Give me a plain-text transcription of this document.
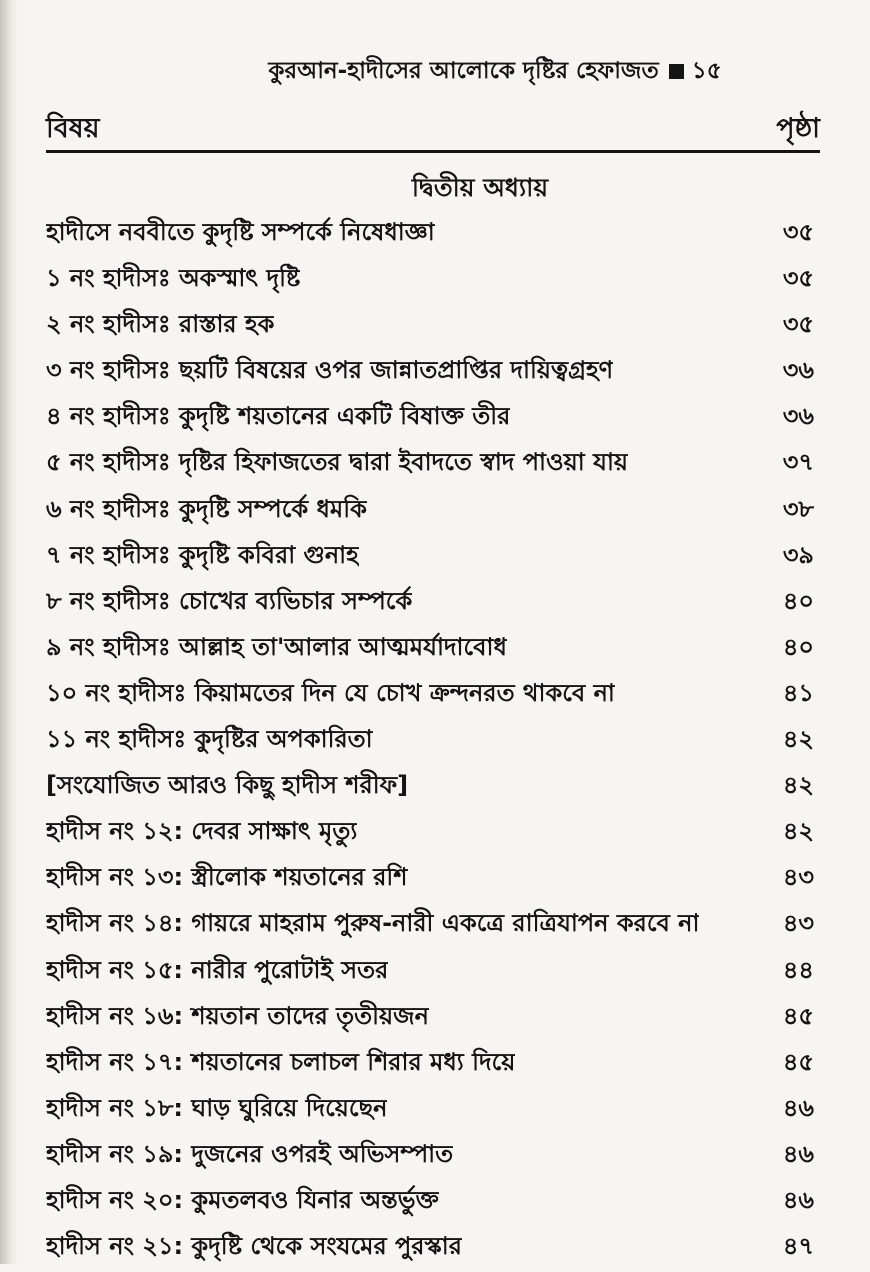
কুরআন-হাদীসের আলোকে দৃষ্টির হেফাজত ১৫
বিষয়	পৃষ্ঠা
দ্বিতীয় অধ্যায়
হাদীসে নববীতে কুদৃষ্টি সম্পর্কে নিষেধাজ্ঞা	৩৫
১ নং হাদীসঃ অকস্মাৎ দৃষ্টি	৩৫
২ নং হাদীসঃ রাস্তার হক	৩৫
৩ নং হাদীসঃ ছয়টি বিষয়ের ওপর জান্নাতপ্রাপ্তির দায়িত্বগ্রহণ	৩৬
৪ নং হাদীসঃ কুদৃষ্টি শয়তানের একটি বিষাক্ত তীর	৩৬
৫ নং হাদীসঃ দৃষ্টির হিফাজতের দ্বারা ইবাদতে স্বাদ পাওয়া যায়	৩৭
৬ নং হাদীসঃ কুদৃষ্টি সম্পর্কে ধমকি	৩৮
৭ নং হাদীসঃ কুদৃষ্টি কবিরা গুনাহ	৩৯
৮ নং হাদীসঃ চোখের ব্যভিচার সম্পর্কে	৪০
৯ নং হাদীসঃ আল্লাহ তা'আলার আত্মমর্যাদাবোধ	৪০
১০ নং হাদীসঃ কিয়ামতের দিন যে চোখ ক্রন্দনরত থাকবে না	৪১
১১ নং হাদীসঃ কুদৃষ্টির অপকারিতা	৪২
[সংযোজিত আরও কিছু হাদীস শরীফ]	৪২
হাদীস নং ১২: দেবর সাক্ষাৎ মৃত্যু	৪২
হাদীস নং ১৩: স্ত্রীলোক শয়তানের রশি	৪৩
হাদীস নং ১৪: গায়রে মাহরাম পুরুষ-নারী একত্রে রাত্রিযাপন করবে না	৪৩
হাদীস নং ১৫: নারীর পুরোটাই সতর	৪৪
হাদীস নং ১৬: শয়তান তাদের তৃতীয়জন	৪৫
হাদীস নং ১৭: শয়তানের চলাচল শিরার মধ্য দিয়ে	৪৫
হাদীস নং ১৮: ঘাড় ঘুরিয়ে দিয়েছেন	৪৬
হাদীস নং ১৯: দুজনের ওপরই অভিসম্পাত	৪৬
হাদীস নং ২০: কুমতলবও যিনার অন্তর্ভুক্ত	৪৬
হাদীস নং ২১: কুদৃষ্টি থেকে সংযমের পুরস্কার	৪৭
